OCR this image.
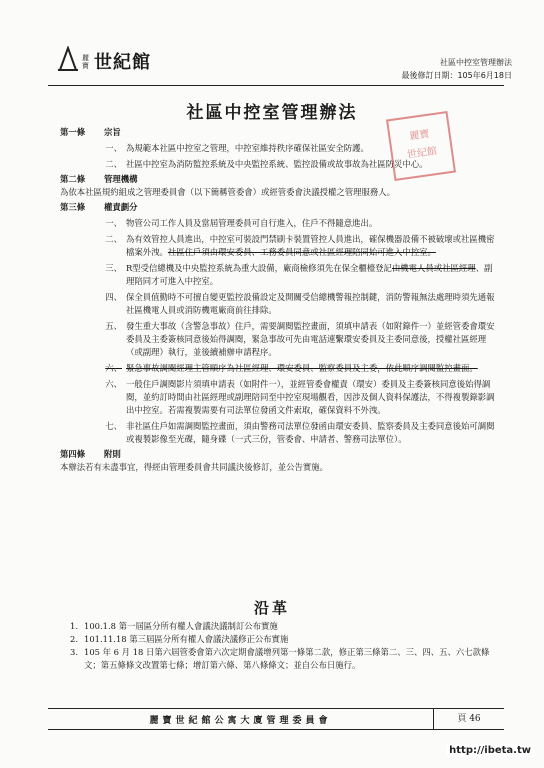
麗寶 世紀館	社區中控室管理辦法
最後修訂日期：105年6月18日
社區中控室管理辦法
麗寶
世紀館
第一條	宗旨
一、 為規範本社區中控室之管理，中控室維持秩序確保社區安全防護。
二、 社區中控室為消防監控系統及中央監控系統、監控設備或故事故為社區防災中心。
第二條	管理機構
為依本社區規約組成之管理委員會（以下簡稱管委會）或經管委會決議授權之管理服務人。
第三條	權責劃分
一、 物管公司工作人員及當屆管理委員可自行進入，住戶不得隨意進出。
二、 為有效管控人員進出，中控室可裝設門禁刷卡裝置管控人員進出，確保機器設備不被破壞或社區機密檔案外洩。社區住戶須由環安委員、工務委員同意或社區經理陪同始可進入中控室。
三、 R型受信總機及中央監控系統為重大設備，廠商檢修須先在保全櫃檯登記由機電人員或社區經理、副理陪同才可進入中控室。
四、 保全員值勤時不可擅自變更監控設備設定及開關受信總機警報控制鍵，消防警報無法處理時須先通報社區機電人員或消防機電廠商前往排除。
五、 發生重大事故（含警急事故）住戶，需要調閱監控畫面，須填申請表（如附錄件一）並經管委會環安委員及主委簽核同意後始得調閱，緊急事故可先由電話連繫環安委員及主委同意後，授權社區經理（或副理）執行，並後續補辦申請程序。
六、 緊急事故調閱經理主管順序為社區經理、環安委員、監察委員及主委，依此順序調閱監控畫面。
六、 一般住戶調閱影片須填申請表（如附件一），並經管委會權責（環安）委員及主委簽核同意後始得調閱，並約訂時間由社區經理或副理陪同至中控室現場觀看，因涉及個人資料保護法，不得複製錄影調出中控室。若需複製需要有司法單位發函文件索取，確保資料不外洩。
七、 非社區住戶如需調閱監控畫面，須由警務司法單位發函由環安委員、監察委員及主委同意後始可調閱或複製影像至光碟，隨身碟（一式三份，管委會、申請者、警務司法單位）。
第四條	附則
本辦法若有未盡事宜，得經由管理委員會共同議決後修訂，並公告實施。
沿革
1. 100.1.8 第一屆區分所有權人會議決議制訂公布實施
2. 101.11.18 第三屆區分所有權人會議決議修正公布實施
3. 105 年 6 月 18 日第六屆管委會第六次定期會議增列第一條第二款，修正第三條第二、三、四、五、六七款條文；第五條條文改置第七條；增訂第六條、第八條條文；並自公布日施行。
麗寶世紀館公寓大廈管理委員會	頁 46
http://ibeta.tw
